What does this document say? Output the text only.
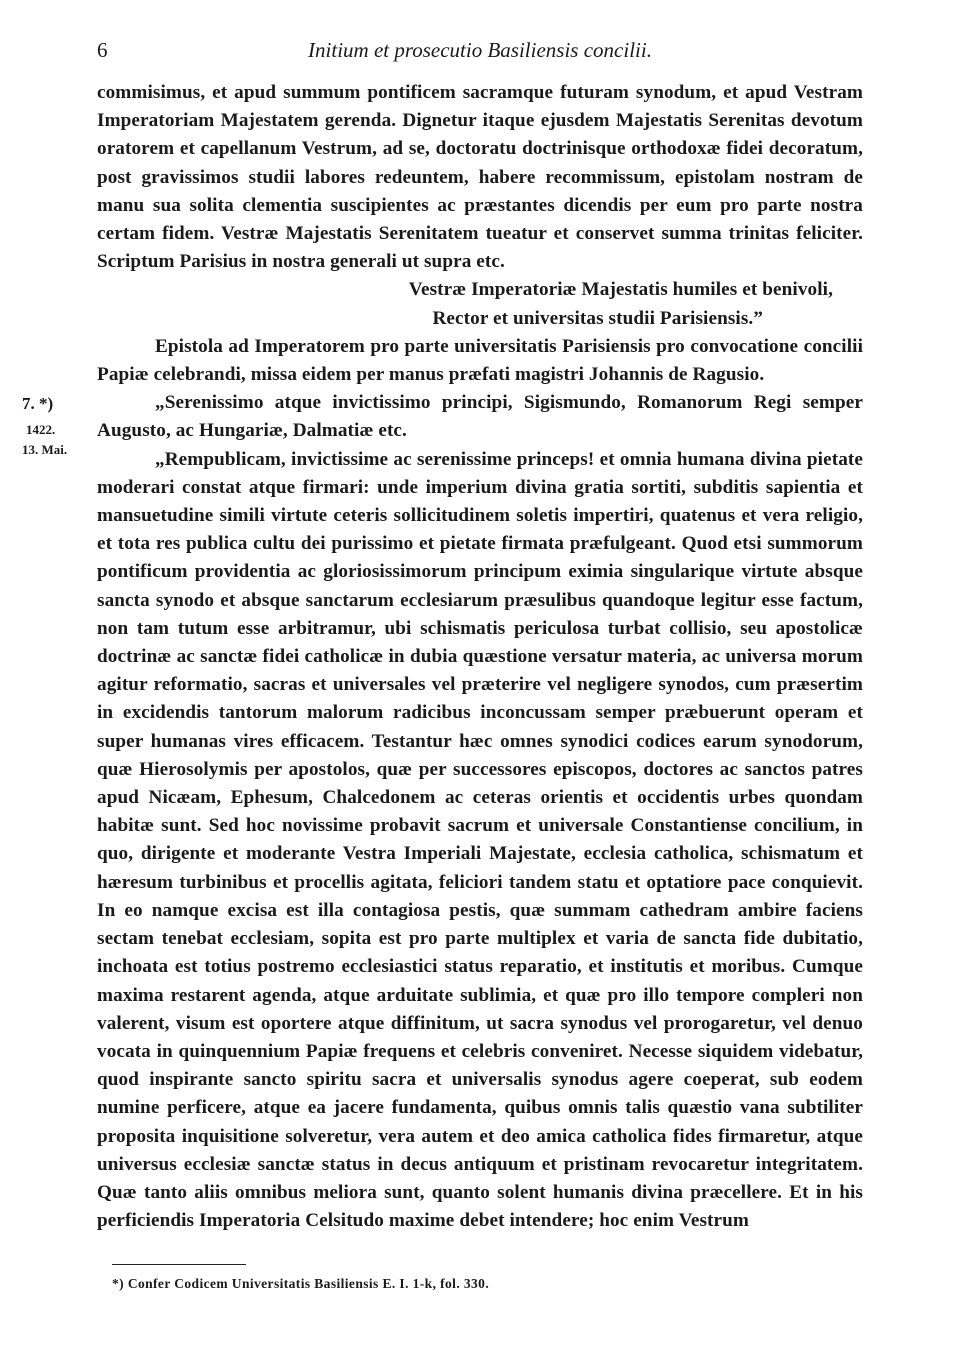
6	Initium et prosecutio Basiliensis concilii.
7. *)
1422.
13. Mai.

commisimus, et apud summum pontificem sacramque futuram synodum, et apud Vestram Imperatoriam Majestatem gerenda. Dignetur itaque ejusdem Majestatis Serenitas devotum oratorem et capellanum Vestrum, ad se, doctoratu doctrinisque orthodoxæ fidei decoratum, post gravissimos studii labores redeuntem, habere recommissum, epistolam nostram de manu sua solita clementia suscipientes ac præstantes dicendis per eum pro parte nostra certam fidem. Vestræ Majestatis Serenitatem tueatur et conservet summa trinitas feliciter. Scriptum Parisius in nostra generali ut supra etc.

Vestræ Imperatoriæ Majestatis humiles et benivoli,

Rector et universitas studii Parisiensis.”

Epistola ad Imperatorem pro parte universitatis Parisiensis pro convocatione concilii Papiæ celebrandi, missa eidem per manus præfati magistri Johannis de Ragusio.

„Serenissimo atque invictissimo principi, Sigismundo, Romanorum Regi semper Augusto, ac Hungariæ, Dalmatiæ etc.

„Rempublicam, invictissime ac serenissime princeps! et omnia humana divina pietate moderari constat atque firmari: unde imperium divina gratia sortiti, subditis sapientia et mansuetudine simili virtute ceteris sollicitudinem soletis impertiri, quatenus et vera religio, et tota res publica cultu dei purissimo et pietate firmata præfulgeant. Quod etsi summorum pontificum providentia ac gloriosissimorum principum eximia singularique virtute absque sancta synodo et absque sanctarum ecclesiarum præsulibus quandoque legitur esse factum, non tam tutum esse arbitramur, ubi schismatis periculosa turbat collisio, seu apostolicæ doctrinæ ac sanctæ fidei catholicæ in dubia quæstione versatur materia, ac universa morum agitur reformatio, sacras et universales vel præterire vel negligere synodos, cum præsertim in excidendis tantorum malorum radicibus inconcussam semper præbuerunt operam et super humanas vires efficacem. Testantur hæc omnes synodici codices earum synodorum, quæ Hierosolymis per apostolos, quæ per successores episcopos, doctores ac sanctos patres apud Nicæam, Ephesum, Chalcedonem ac ceteras orientis et occidentis urbes quondam habitæ sunt. Sed hoc novissime probavit sacrum et universale Constantiense concilium, in quo, dirigente et moderante Vestra Imperiali Majestate, ecclesia catholica, schismatum et hæresum turbinibus et procellis agitata, feliciori tandem statu et optatiore pace conquievit. In eo namque excisa est illa contagiosa pestis, quæ summam cathedram ambire faciens sectam tenebat ecclesiam, sopita est pro parte multiplex et varia de sancta fide dubitatio, inchoata est totius postremo ecclesiastici status reparatio, et institutis et moribus. Cumque maxima restarent agenda, atque arduitate sublimia, et quæ pro illo tempore compleri non valerent, visum est oportere atque diffinitum, ut sacra synodus vel prorogaretur, vel denuo vocata in quinquennium Papiæ frequens et celebris conveniret. Necesse siquidem videbatur, quod inspirante sancto spiritu sacra et universalis synodus agere coeperat, sub eodem numine perficere, atque ea jacere fundamenta, quibus omnis talis quæstio vana subtiliter proposita inquisitione solveretur, vera autem et deo amica catholica fides firmaretur, atque universus ecclesiæ sanctæ status in decus antiquum et pristinam revocaretur integritatem. Quæ tanto aliis omnibus meliora sunt, quanto solent humanis divina præcellere. Et in his perficiendis Imperatoria Celsitudo maxime debet intendere; hoc enim Vestrum

*) Confer Codicem Universitatis Basiliensis E. I. 1-k, fol. 330.
